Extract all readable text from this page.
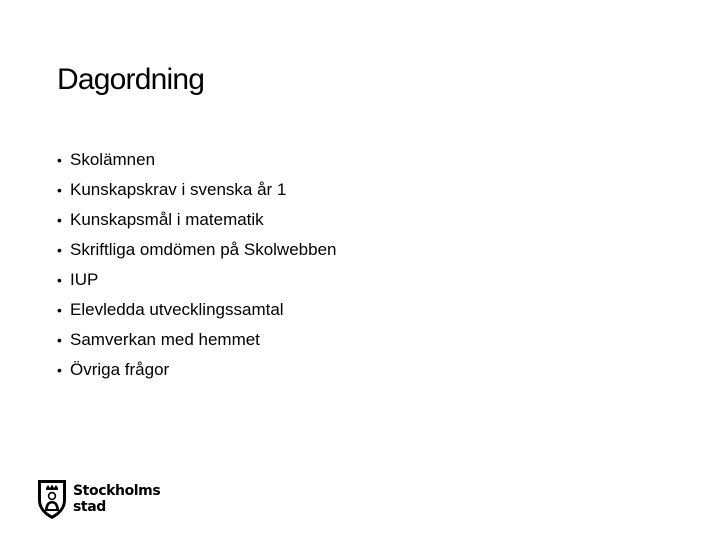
Dagordning
• Skolämnen
• Kunskapskrav i svenska år 1
• Kunskapsmål i matematik
• Skriftliga omdömen på Skolwebben
• IUP
• Elevledda utvecklingssamtal
• Samverkan med hemmet
• Övriga frågor
Stockholms
stad
